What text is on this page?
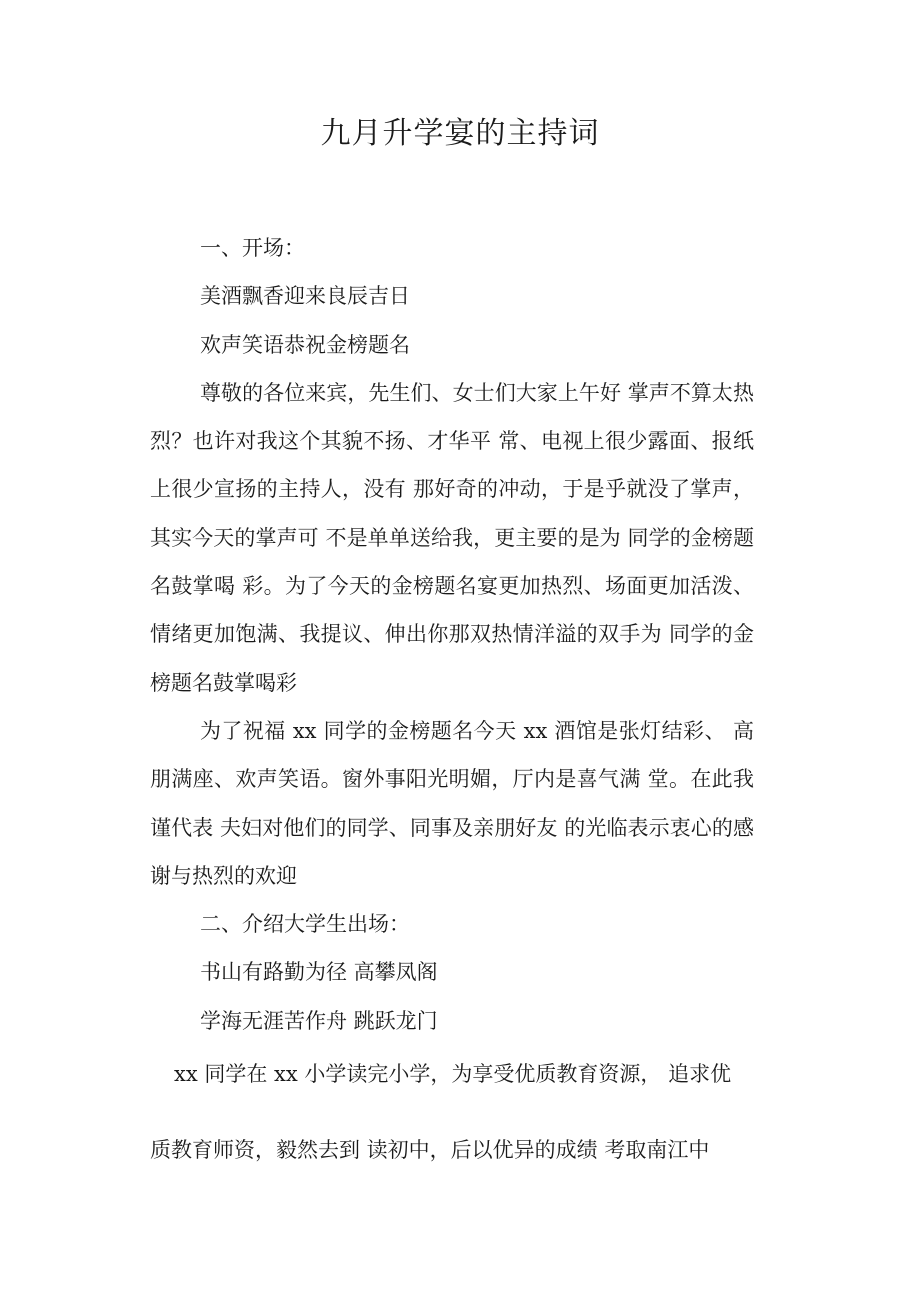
九月升学宴的主持词

一、开场：

美酒飘香迎来良辰吉日

欢声笑语恭祝金榜题名

尊敬的各位来宾，先生们、女士们大家上午好 掌声不算太热烈？也许对我这个其貌不扬、才华平 常、电视上很少露面、报纸上很少宣扬的主持人，没有 那好奇的冲动，于是乎就没了掌声，其实今天的掌声可 不是单单送给我，更主要的是为 同学的金榜题名鼓掌喝 彩。为了今天的金榜题名宴更加热烈、场面更加活泼、 情绪更加饱满、我提议、伸出你那双热情洋溢的双手为 同学的金榜题名鼓掌喝彩

为了祝福 xx 同学的金榜题名今天 xx 酒馆是张灯结彩、 高朋满座、欢声笑语。窗外事阳光明媚，厅内是喜气满 堂。在此我谨代表 夫妇对他们的同学、同事及亲朋好友 的光临表示衷心的感谢与热烈的欢迎

二、介绍大学生出场：

书山有路勤为径 高攀凤阁

学海无涯苦作舟 跳跃龙门

xx 同学在 xx 小学读完小学，为享受优质教育资源， 追求优
质教育师资，毅然去到 读初中，后以优异的成绩 考取南江中
